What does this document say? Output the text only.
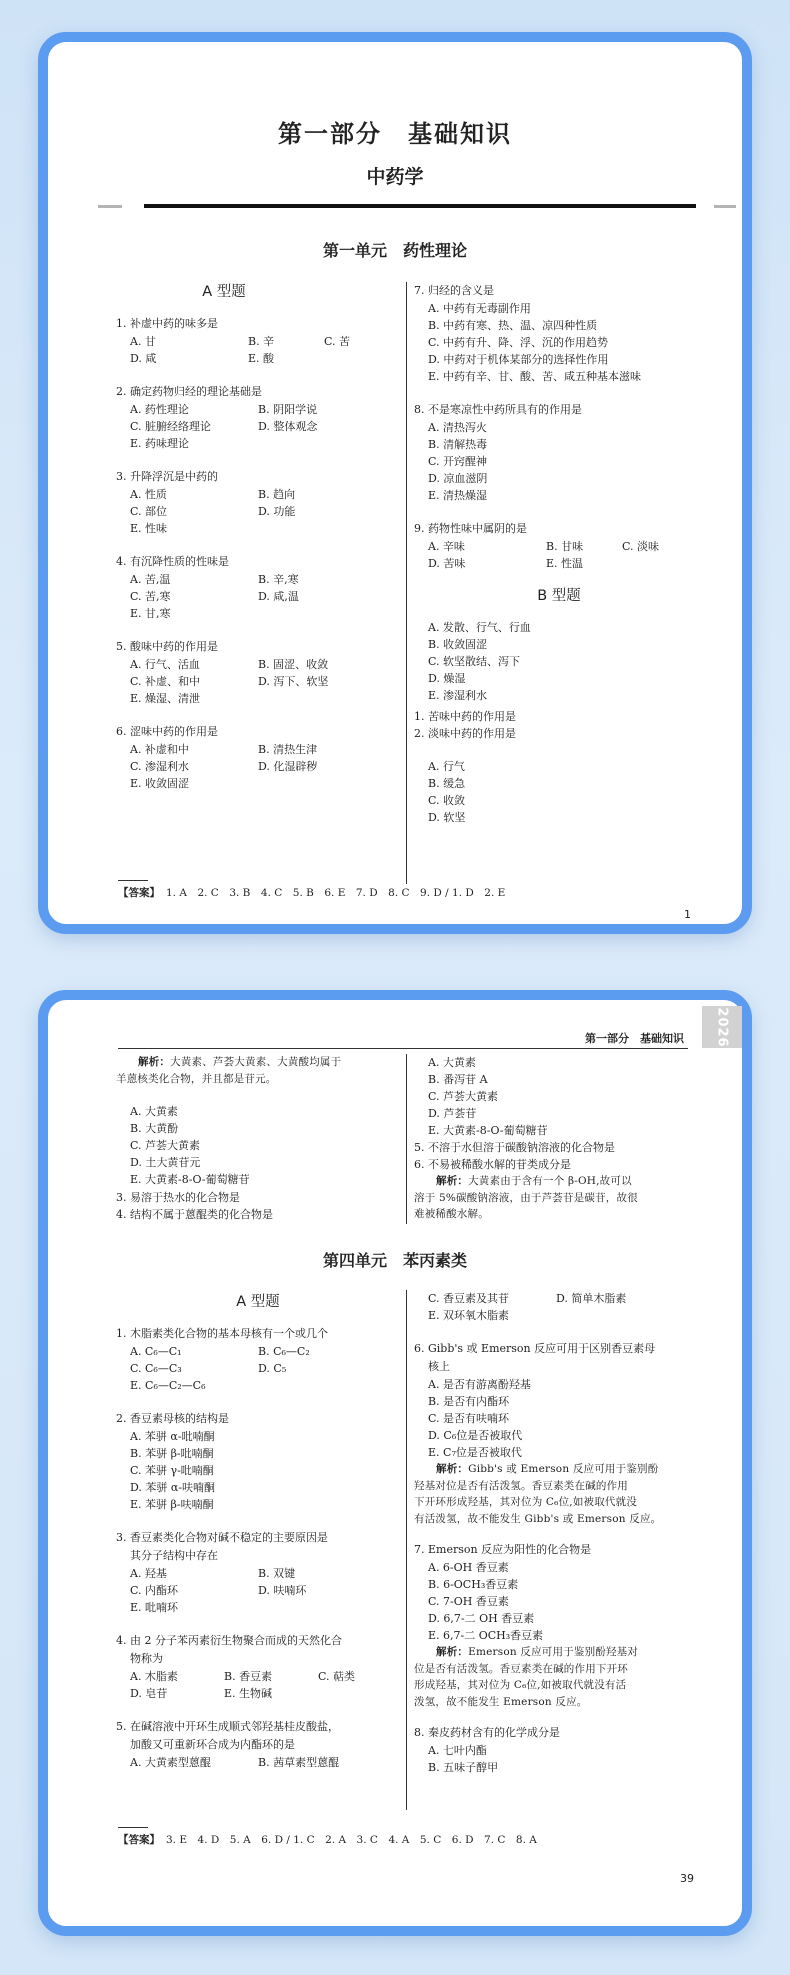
第一部分　基础知识
中药学
第一单元　药性理论
A 型题
1. 补虚中药的味多是
A. 甘	B. 辛	C. 苦
D. 咸	E. 酸
2. 确定药物归经的理论基础是
A. 药性理论	B. 阴阳学说
C. 脏腑经络理论	D. 整体观念
E. 药味理论
3. 升降浮沉是中药的
A. 性质	B. 趋向
C. 部位	D. 功能
E. 性味
4. 有沉降性质的性味是
A. 苦,温	B. 辛,寒
C. 苦,寒	D. 咸,温
E. 甘,寒
5. 酸味中药的作用是
A. 行气、活血	B. 固涩、收敛
C. 补虚、和中	D. 泻下、软坚
E. 燥湿、清泄
6. 涩味中药的作用是
A. 补虚和中	B. 清热生津
C. 渗湿利水	D. 化湿辟秽
E. 收敛固涩
7. 归经的含义是
A. 中药有无毒副作用
B. 中药有寒、热、温、凉四种性质
C. 中药有升、降、浮、沉的作用趋势
D. 中药对于机体某部分的选择性作用
E. 中药有辛、甘、酸、苦、咸五种基本滋味
8. 不是寒凉性中药所具有的作用是
A. 清热泻火
B. 清解热毒
C. 开窍醒神
D. 凉血滋阴
E. 清热燥湿
9. 药物性味中属阴的是
A. 辛味	B. 甘味	C. 淡味
D. 苦味	E. 性温
B 型题
A. 发散、行气、行血
B. 收敛固涩
C. 软坚散结、泻下
D. 燥湿
E. 渗湿利水
1. 苦味中药的作用是
2. 淡味中药的作用是
A. 行气
B. 缓急
C. 收敛
D. 软坚
【答案】 1. A　2. C　3. B　4. C　5. B　6. E　7. D　8. C　9. D / 1. D　2. E
1
2026
第一部分　基础知识
解析：大黄素、芦荟大黄素、大黄酸均属于
羊蒽核类化合物，并且都是苷元。
A. 大黄素
B. 大黄酚
C. 芦荟大黄素
D. 土大黄苷元
E. 大黄素-8-O-葡萄糖苷
3. 易溶于热水的化合物是
4. 结构不属于蒽醌类的化合物是
A. 大黄素
B. 番泻苷 A
C. 芦荟大黄素
D. 芦荟苷
E. 大黄素-8-O-葡萄糖苷
5. 不溶于水但溶于碳酸钠溶液的化合物是
6. 不易被稀酸水解的苷类成分是
解析：大黄素由于含有一个 β-OH,故可以
溶于 5%碳酸钠溶液，由于芦荟苷是碳苷，故很
难被稀酸水解。
第四单元　苯丙素类
A 型题
1. 木脂素类化合物的基本母核有一个或几个
A. C₆—C₁	B. C₆—C₂
C. C₆—C₃	D. C₅
E. C₆—C₂—C₆
2. 香豆素母核的结构是
A. 苯骈 α-吡喃酮
B. 苯骈 β-吡喃酮
C. 苯骈 γ-吡喃酮
D. 苯骈 α-呋喃酮
E. 苯骈 β-呋喃酮
3. 香豆素类化合物对碱不稳定的主要原因是
其分子结构中存在
A. 羟基	B. 双键
C. 内酯环	D. 呋喃环
E. 吡喃环
4. 由 2 分子苯丙素衍生物聚合而成的天然化合
物称为
A. 木脂素	B. 香豆素	C. 萜类
D. 皂苷	E. 生物碱
5. 在碱溶液中开环生成顺式邻羟基桂皮酸盐，
加酸又可重新环合成为内酯环的是
A. 大黄素型蒽醌	B. 茜草素型蒽醌
C. 香豆素及其苷	D. 简单木脂素
E. 双环氧木脂素
6. Gibb's 或 Emerson 反应可用于区别香豆素母
核上
A. 是否有游离酚羟基
B. 是否有内酯环
C. 是否有呋喃环
D. C₆位是否被取代
E. C₇位是否被取代
解析：Gibb's 或 Emerson 反应可用于鉴别酚
羟基对位是否有活泼氢。香豆素类在碱的作用
下开环形成羟基，其对位为 C₆位,如被取代就没
有活泼氢，故不能发生 Gibb's 或 Emerson 反应。
7. Emerson 反应为阳性的化合物是
A. 6-OH 香豆素
B. 6-OCH₃香豆素
C. 7-OH 香豆素
D. 6,7-二 OH 香豆素
E. 6,7-二 OCH₃香豆素
解析：Emerson 反应可用于鉴别酚羟基对
位是否有活泼氢。香豆素类在碱的作用下开环
形成羟基，其对位为 C₆位,如被取代就没有活
泼氢，故不能发生 Emerson 反应。
8. 秦皮药材含有的化学成分是
A. 七叶内酯
B. 五味子醇甲
【答案】 3. E　4. D　5. A　6. D / 1. C　2. A　3. C　4. A　5. C　6. D　7. C　8. A
39
